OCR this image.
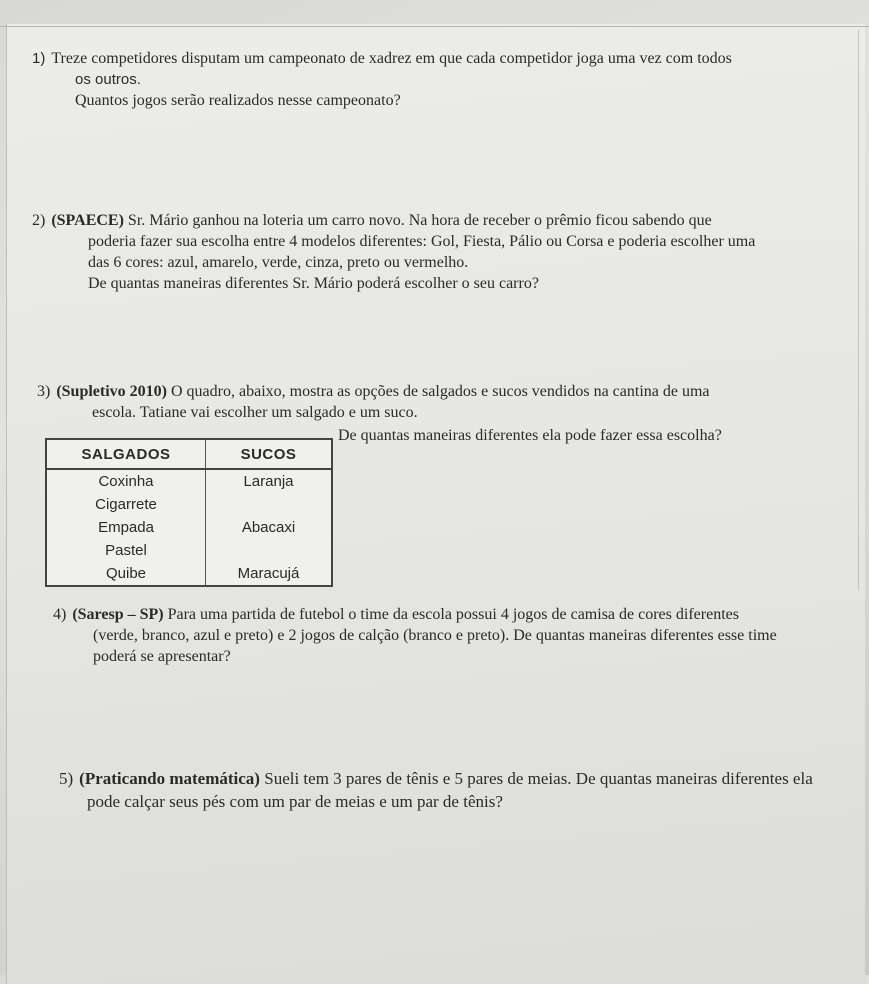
1) Treze competidores disputam um campeonato de xadrez em que cada competidor joga uma vez com todos
os outros.
Quantos jogos serão realizados nesse campeonato?
2) (SPAECE) Sr. Mário ganhou na loteria um carro novo. Na hora de receber o prêmio ficou sabendo que
poderia fazer sua escolha entre 4 modelos diferentes: Gol, Fiesta, Pálio ou Corsa e poderia escolher uma
das 6 cores: azul, amarelo, verde, cinza, preto ou vermelho.
De quantas maneiras diferentes Sr. Mário poderá escolher o seu carro?
3) (Supletivo 2010) O quadro, abaixo, mostra as opções de salgados e sucos vendidos na cantina de uma
escola. Tatiane vai escolher um salgado e um suco.
De quantas maneiras diferentes ela pode fazer essa escolha?
SALGADOS	SUCOS
Coxinha	Laranja
Cigarrete	
Empada	Abacaxi
Pastel	
Quibe	Maracujá
4) (Saresp – SP) Para uma partida de futebol o time da escola possui 4 jogos de camisa de cores diferentes
(verde, branco, azul e preto) e 2 jogos de calção (branco e preto). De quantas maneiras diferentes esse time
poderá se apresentar?
5) (Praticando matemática) Sueli tem 3 pares de tênis e 5 pares de meias. De quantas maneiras diferentes ela
pode calçar seus pés com um par de meias e um par de tênis?
